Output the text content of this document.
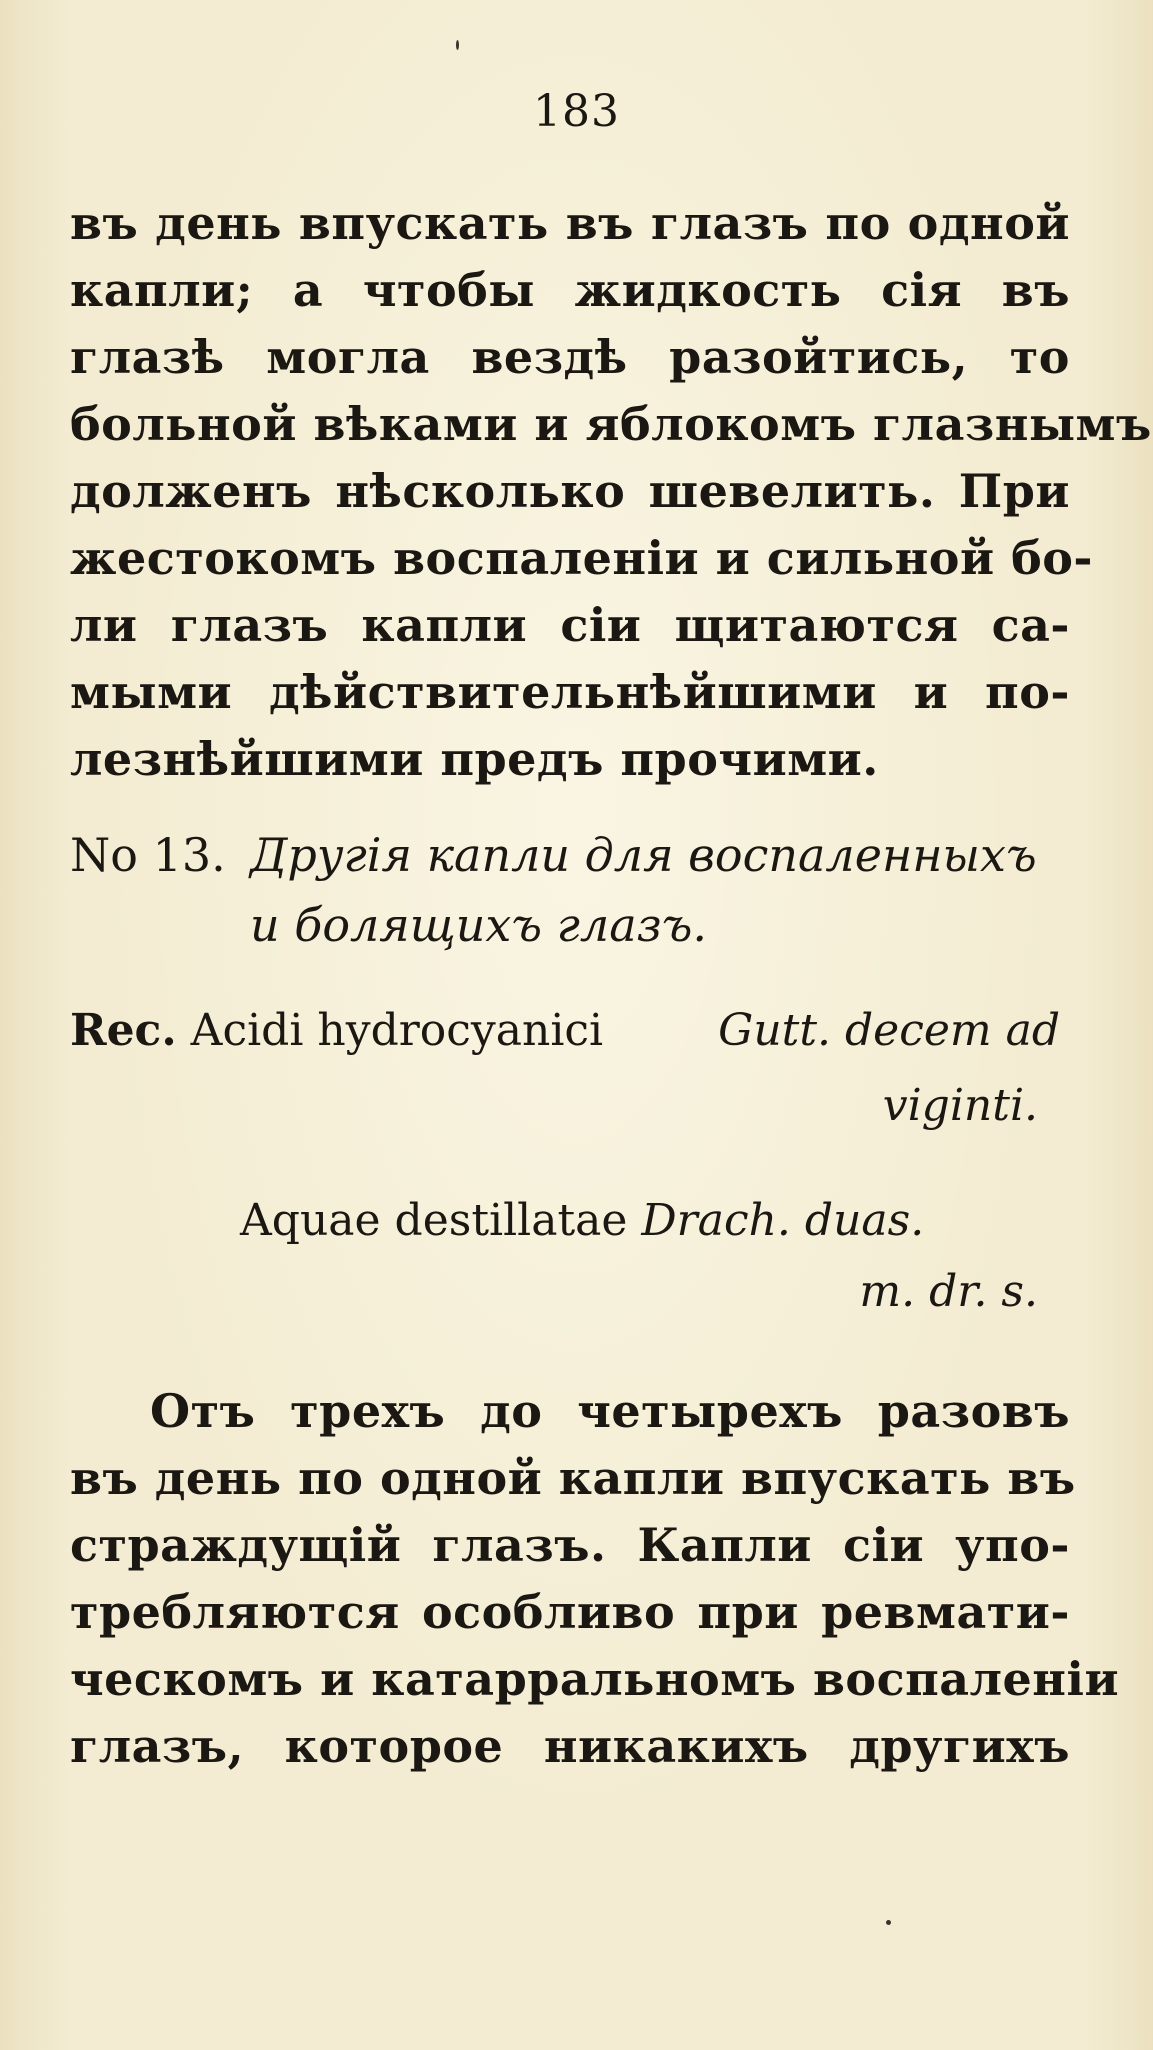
183
въ день впускать въ глазъ по одной
капли; а чтобы жидкость сія въ
глазѣ могла вездѣ разойтись, то
больной вѣками и яблокомъ глазнымъ
долженъ нѣсколько шевелить. При
жестокомъ воспаленіи и сильной бо-
ли глазъ капли сіи щитаются са-
мыми дѣйствительнѣйшими и по-
лезнѣйшими предъ прочими.
No 13. Другія капли для воспаленныхъ
и болящихъ глазъ.
Rec. Acidi hydrocyanici	Gutt. decem ad
viginti.
Aquae destillatae Drach. duas.
m. dr. s.
Отъ трехъ до четырехъ разовъ
въ день по одной капли впускать въ
страждущій глазъ. Капли сіи упо-
требляются особливо при ревмати-
ческомъ и катарральномъ воспаленіи
глазъ, которое никакихъ другихъ
